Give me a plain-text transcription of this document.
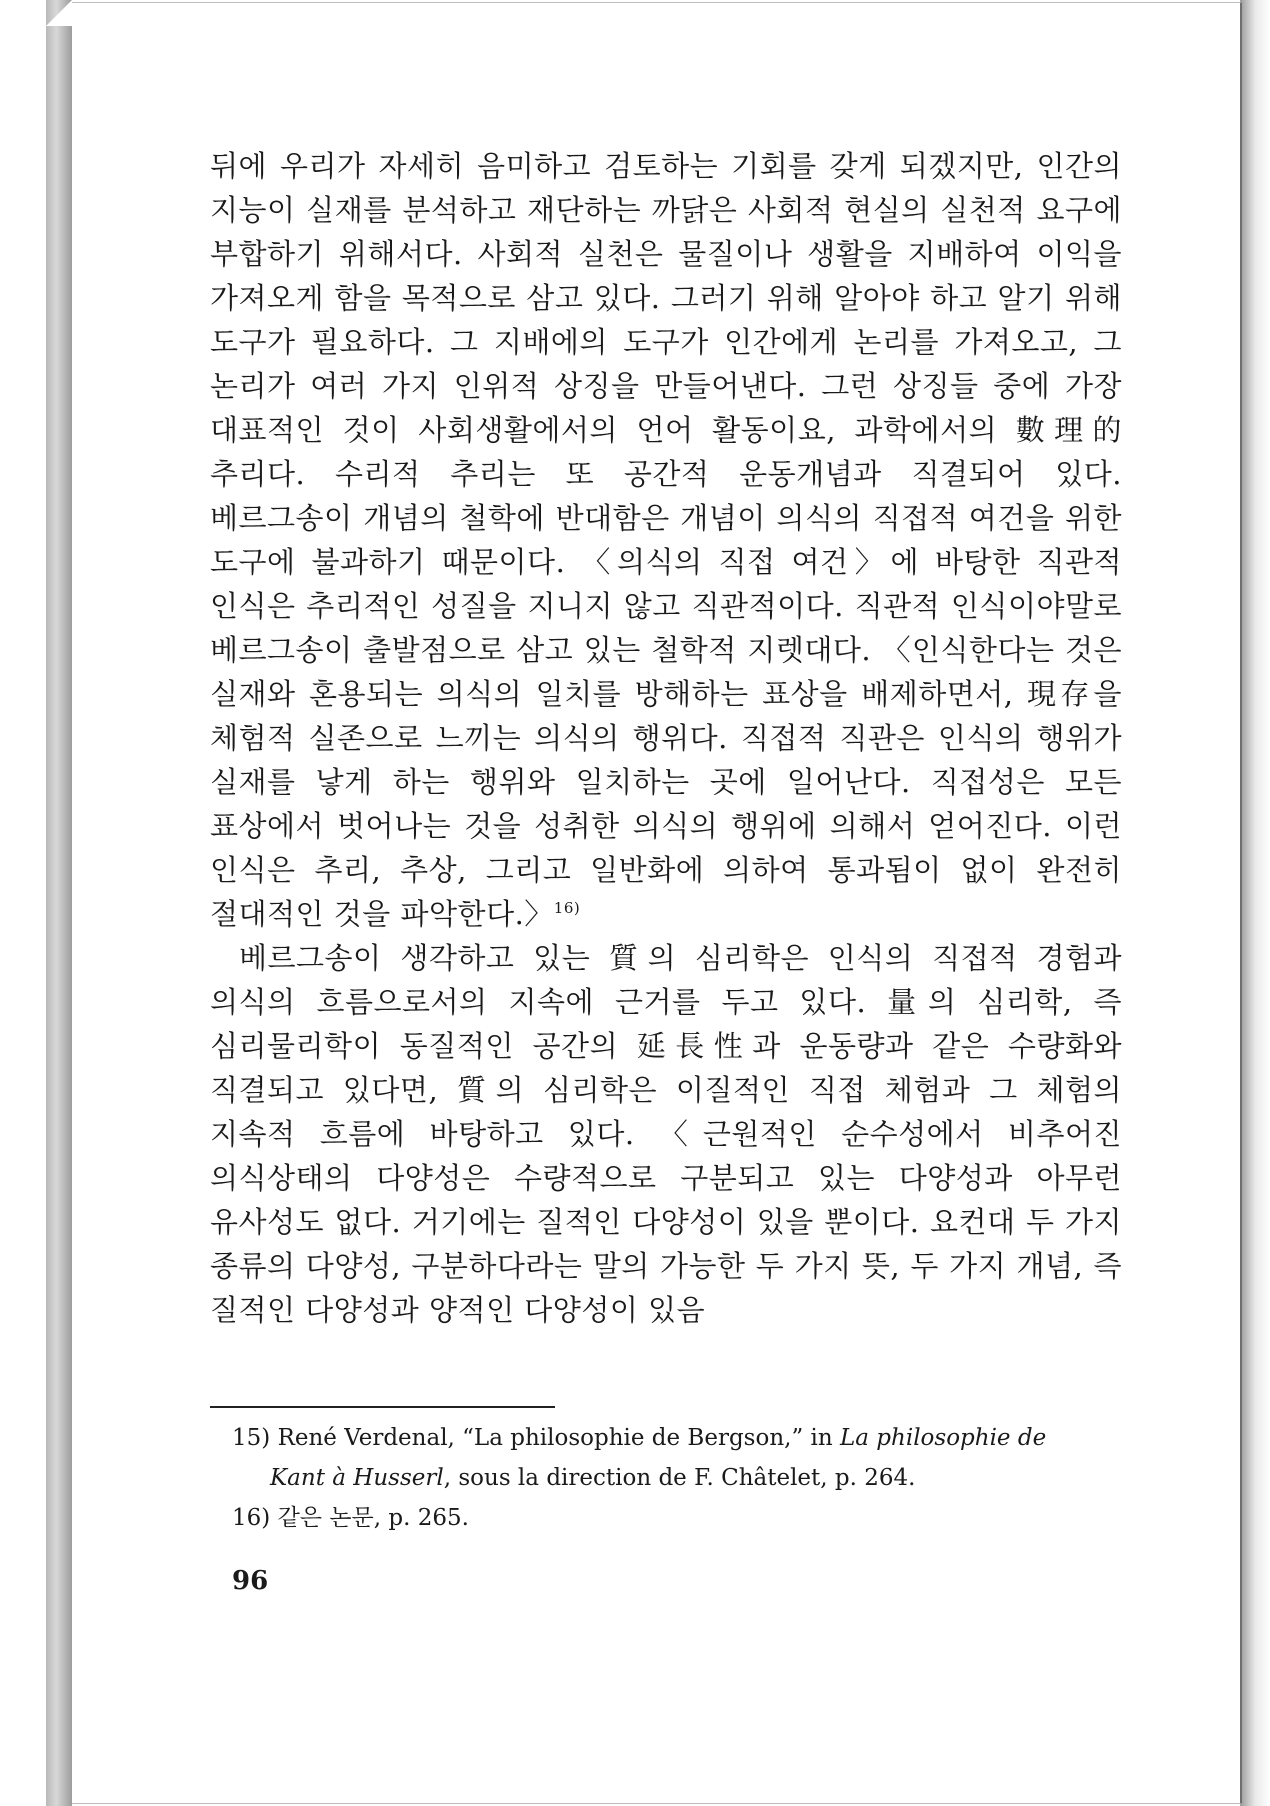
뒤에 우리가 자세히 음미하고 검토하는 기회를 갖게 되겠지만, 인간의 지능이 실재를 분석하고 재단하는 까닭은 사회적 현실의 실천적 요구에 부합하기 위해서다. 사회적 실천은 물질이나 생활을 지배하여 이익을 가져오게 함을 목적으로 삼고 있다. 그러기 위해 알아야 하고 알기 위해 도구가 필요하다. 그 지배에의 도구가 인간에게 논리를 가져오고, 그 논리가 여러 가지 인위적 상징을 만들어낸다. 그런 상징들 중에 가장 대표적인 것이 사회생활에서의 언어 활동이요, 과학에서의 數理的 추리다. 수리적 추리는 또 공간적 운동개념과 직결되어 있다. 베르그송이 개념의 철학에 반대함은 개념이 의식의 직접적 여건을 위한 도구에 불과하기 때문이다. 〈의식의 직접 여건〉에 바탕한 직관적 인식은 추리적인 성질을 지니지 않고 직관적이다. 직관적 인식이야말로 베르그송이 출발점으로 삼고 있는 철학적 지렛대다. 〈인식한다는 것은 실재와 혼용되는 의식의 일치를 방해하는 표상을 배제하면서, 現存을 체험적 실존으로 느끼는 의식의 행위다. 직접적 직관은 인식의 행위가 실재를 낳게 하는 행위와 일치하는 곳에 일어난다. 직접성은 모든 표상에서 벗어나는 것을 성취한 의식의 행위에 의해서 얻어진다. 이런 인식은 추리, 추상, 그리고 일반화에 의하여 통과됨이 없이 완전히 절대적인 것을 파악한다.〉$^{16)}$

베르그송이 생각하고 있는 質의 심리학은 인식의 직접적 경험과 의식의 흐름으로서의 지속에 근거를 두고 있다. 量의 심리학, 즉 심리물리학이 동질적인 공간의 延長性과 운동량과 같은 수량화와 직결되고 있다면, 質의 심리학은 이질적인 직접 체험과 그 체험의 지속적 흐름에 바탕하고 있다. 〈근원적인 순수성에서 비추어진 의식상태의 다양성은 수량적으로 구분되고 있는 다양성과 아무런 유사성도 없다. 거기에는 질적인 다양성이 있을 뿐이다. 요컨대 두 가지 종류의 다양성, 구분하다라는 말의 가능한 두 가지 뜻, 두 가지 개념, 즉 질적인 다양성과 양적인 다양성이 있음

15) René Verdenal, “La philosophie de Bergson,” in La philosophie de
Kant à Husserl, sous la direction de F. Châtelet, p. 264.

16) 같은 논문, p. 265.

96
